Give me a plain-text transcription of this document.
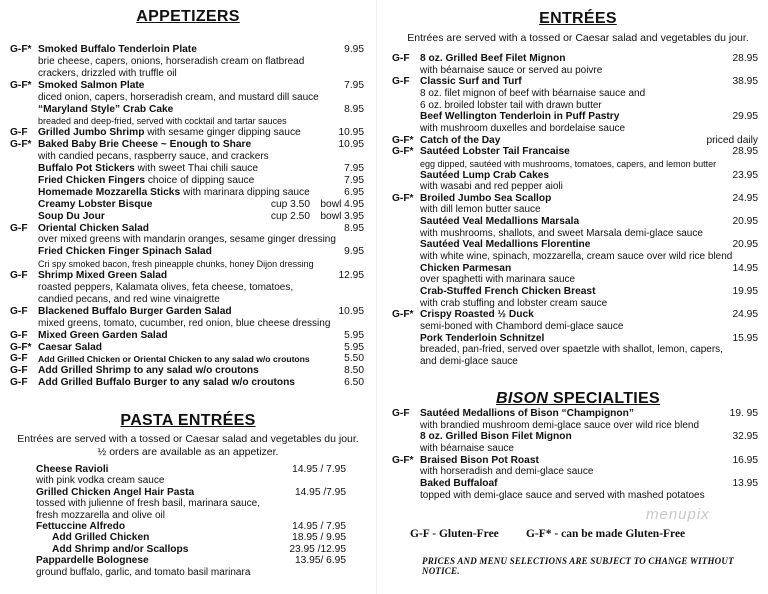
APPETIZERS
G-F* Smoked Buffalo Tenderloin Plate	9.95
brie cheese, capers, onions, horseradish cream on flatbread
crackers, drizzled with truffle oil
G-F* Smoked Salmon Plate	7.95
diced onion, capers, horseradish cream, and mustard dill sauce
“Maryland Style” Crab Cake	8.95
breaded and deep-fried, served with cocktail and tartar sauces
G-F Grilled Jumbo Shrimp with sesame ginger dipping sauce	10.95
G-F* Baked Baby Brie Cheese ~ Enough to Share	10.95
with candied pecans, raspberry sauce, and crackers
Buffalo Pot Stickers with sweet Thai chili sauce	7.95
Fried Chicken Fingers choice of dipping sauce	7.95
Homemade Mozzarella Sticks with marinara dipping sauce	6.95
Creamy Lobster Bisque	cup 3.50 bowl 4.95
Soup Du Jour	cup 2.50 bowl 3.95
G-F Oriental Chicken Salad	8.95
over mixed greens with mandarin oranges, sesame ginger dressing
Fried Chicken Finger Spinach Salad	9.95
Cri spy smoked bacon, fresh pineapple chunks, honey Dijon dressing
G-F Shrimp Mixed Green Salad	12.95
roasted peppers, Kalamata olives, feta cheese, tomatoes,
candied pecans, and red wine vinaigrette
G-F Blackened Buffalo Burger Garden Salad	10.95
mixed greens, tomato, cucumber, red onion, blue cheese dressing
G-F Mixed Green Garden Salad	5.95
G-F* Caesar Salad	5.95
G-F Add Grilled Chicken or Oriental Chicken to any salad w/o croutons	5.50
G-F Add Grilled Shrimp to any salad w/o croutons	8.50
G-F Add Grilled Buffalo Burger to any salad w/o croutons	6.50
PASTA ENTRÉES
Entrées are served with a tossed or Caesar salad and vegetables du jour.
½ orders are available as an appetizer.
Cheese Ravioli	14.95 / 7.95
with pink vodka cream sauce
Grilled Chicken Angel Hair Pasta	14.95 /7.95
tossed with julienne of fresh basil, marinara sauce,
fresh mozzarella and olive oil
Fettuccine Alfredo	14.95 / 7.95
Add Grilled Chicken	18.95 / 9.95
Add Shrimp and/or Scallops	23.95 /12.95
Pappardelle Bolognese	13.95/ 6.95
ground buffalo, garlic, and tomato basil marinara
ENTRÉES
Entrées are served with a tossed or Caesar salad and vegetables du jour.
G-F 8 oz. Grilled Beef Filet Mignon	28.95
with béarnaise sauce or served au poivre
G-F Classic Surf and Turf	38.95
8 oz. filet mignon of beef with béarnaise sauce and
6 oz. broiled lobster tail with drawn butter
Beef Wellington Tenderloin in Puff Pastry	29.95
with mushroom duxelles and bordelaise sauce
G-F* Catch of the Day	priced daily
G-F* Sautéed Lobster Tail Francaise	28.95
egg dipped, sautéed with mushrooms, tomatoes, capers, and lemon butter
Sautéed Lump Crab Cakes	23.95
with wasabi and red pepper aioli
G-F* Broiled Jumbo Sea Scallop	24.95
with dill lemon butter sauce
Sautéed Veal Medallions Marsala	20.95
with mushrooms, shallots, and sweet Marsala demi-glace sauce
Sautéed Veal Medallions Florentine	20.95
with white wine, spinach, mozzarella, cream sauce over wild rice blend
Chicken Parmesan	14.95
over spaghetti with marinara sauce
Crab-Stuffed French Chicken Breast	19.95
with crab stuffing and lobster cream sauce
G-F* Crispy Roasted ½ Duck	24.95
semi-boned with Chambord demi-glace sauce
Pork Tenderloin Schnitzel	15.95
breaded, pan-fried, served over spaetzle with shallot, lemon, capers,
and demi-glace sauce
BISON SPECIALTIES
G-F Sautéed Medallions of Bison “Champignon”	19. 95
with brandied mushroom demi-glace sauce over wild rice blend
8 oz. Grilled Bison Filet Mignon	32.95
with béarnaise sauce
G-F* Braised Bison Pot Roast	16.95
with horseradish and demi-glace sauce
Baked Buffaloaf	13.95
topped with demi-glace sauce and served with mashed potatoes
G-F - Gluten-Free G-F* - can be made Gluten-Free
PRICES AND MENU SELECTIONS ARE SUBJECT TO CHANGE WITHOUT NOTICE.
menupix
